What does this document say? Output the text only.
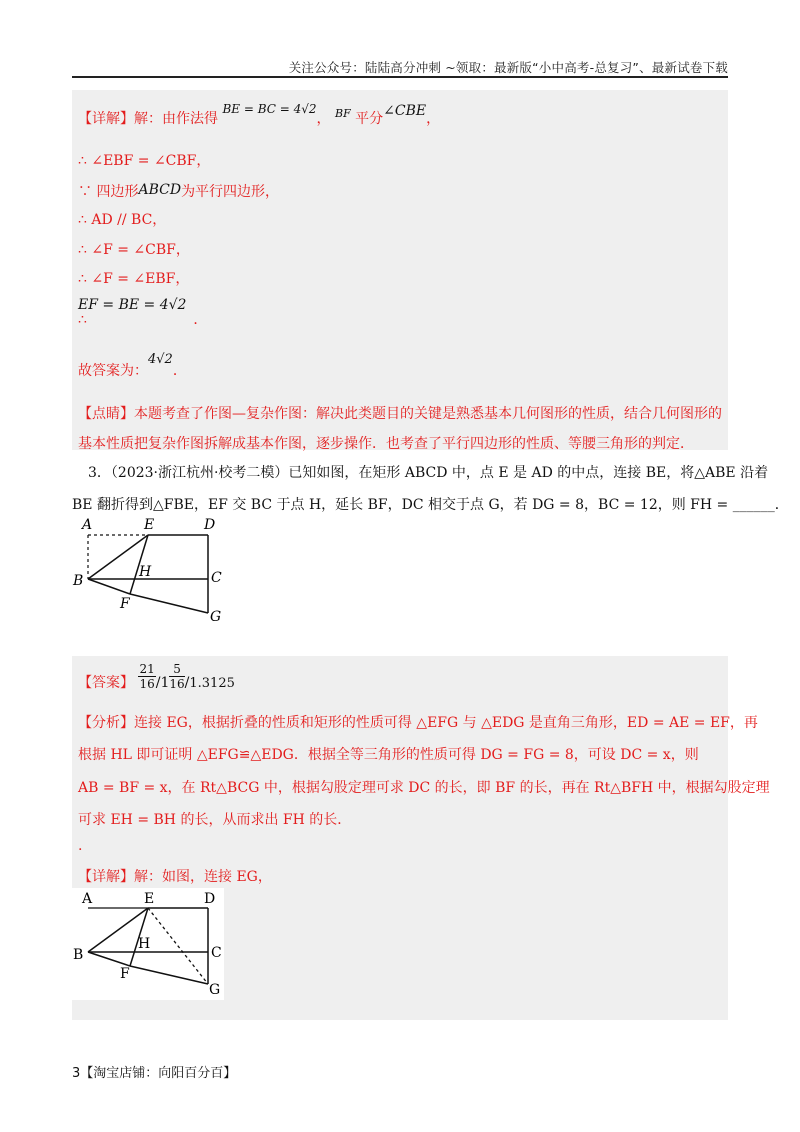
关注公众号：陆陆高分冲刺 ~领取：最新版“小中高考-总复习”、最新试卷下载
【详解】解：由作法得 BE = BC = 4√2， $^{BF}$ 平分∠CBE，
∴ ∠EBF = ∠CBF，
∵ 四边形ABCD为平行四边形，
∴ AD // BC，
∴ ∠F = ∠CBF，
∴ ∠F = ∠EBF，
EF = BE = 4√2
∴	．
故答案为：4√2．
【点睛】本题考查了作图—复杂作图：解决此类题目的关键是熟悉基本几何图形的性质，结合几何图形的
基本性质把复杂作图拆解成基本作图，逐步操作．也考查了平行四边形的性质、等腰三角形的判定．
3．（2023·浙江杭州·校考二模）已知如图，在矩形 ABCD 中，点 E 是 AD 的中点，连接 BE，将△ABE 沿着
BE 翻折得到△FBE，EF 交 BC 于点 H，延长 BF，DC 相交于点 G，若 DG = 8，BC = 12，则 FH = ______．
A	E	D
B
H	C
F
G
【答案】 $\frac{21}{16} /1 \frac{5}{16} /1.3125$
【分析】连接 EG，根据折叠的性质和矩形的性质可得 △EFG 与 △EDG 是直角三角形，ED = AE = EF，再
根据 HL 即可证明 △EFG≌△EDG．根据全等三角形的性质可得 DG = FG = 8，可设 DC = x，则
AB = BF = x，在 Rt△BCG 中，根据勾股定理可求 DC 的长，即 BF 的长，再在 Rt△BFH 中，根据勾股定理
可求 EH = BH 的长，从而求出 FH 的长．
.
【详解】解：如图，连接 EG，
A	E	D
B
H
C
F
G
3【淘宝店铺：向阳百分百】
